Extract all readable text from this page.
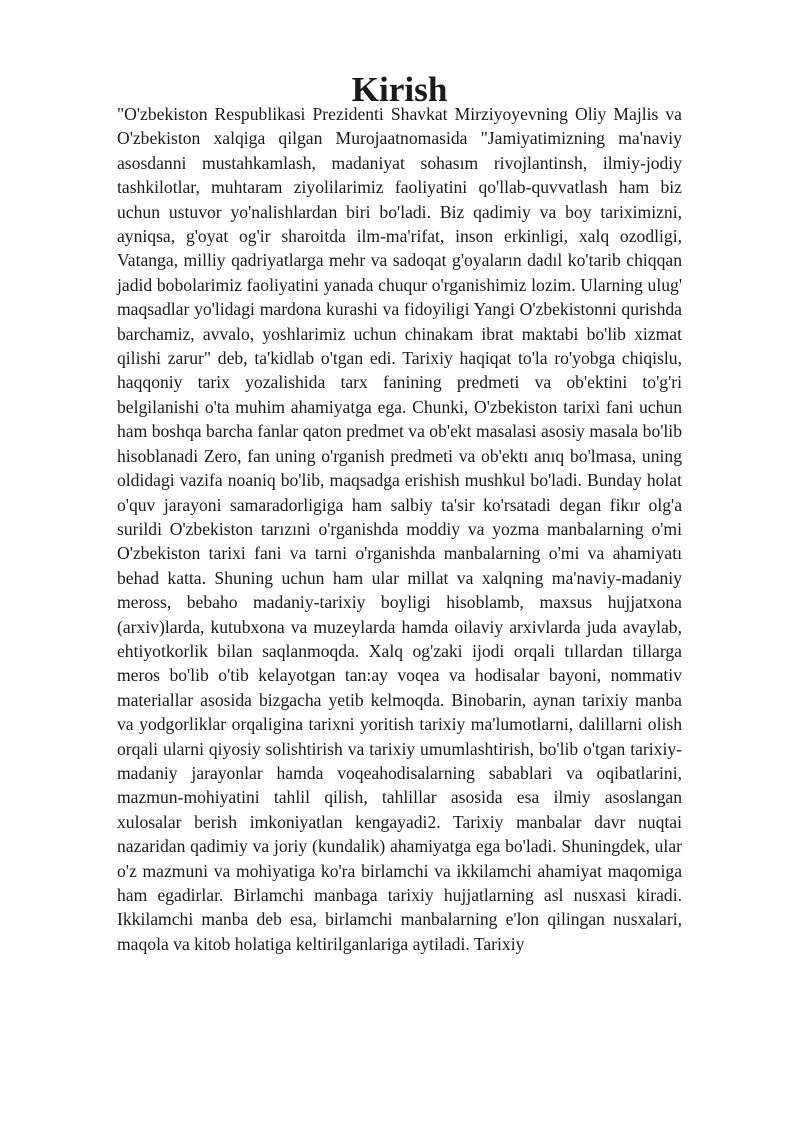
Kirish

"O'zbekiston Respublikasi Prezidenti Shavkat Mirziyoyevning Oliy Majlis va O'zbekiston xalqiga qilgan Murojaatnomasida "Jamiyatimizning ma'naviy asosdanni mustahkamlash, madaniyat sohasım rivojlantinsh, ilmiy-jodiy tashkilotlar, muhtaram ziyolilarimiz faoliyatini qo'llab-quvvatlash ham biz uchun ustuvor yo'nalishlardan biri bo'ladi. Biz qadimiy va boy tariximizni, ayniqsa, g'oyat og'ir sharoitda ilm-ma'rifat, inson erkinligi, xalq ozodligi, Vatanga, milliy qadriyatlarga mehr va sadoqat g'oyaların dadıl ko'tarib chiqqan jadid bobolarimiz faoliyatini yanada chuqur o'rganishimiz lozim. Ularning ulug' maqsadlar yo'lidagi mardona kurashi va fidoyiligi Yangi O'zbekistonni qurishda barchamiz, avvalo, yoshlarimiz uchun chinakam ibrat maktabi bo'lib xizmat qilishi zarur" deb, ta'kidlab o'tgan edi. Tarixiy haqiqat to'la ro'yobga chiqislu, haqqoniy tarix yozalishida tarx fanining predmeti va ob'ektini to'g'ri belgilanishi o'ta muhim ahamiyatga ega. Chunki, O'zbekiston tarixi fani uchun ham boshqa barcha fanlar qaton predmet va ob'ekt masalasi asosiy masala bo'lib hisoblanadi Zero, fan uning o'rganish predmeti va ob'ektı anıq bo'lmasa, uning oldidagi vazifa noaniq bo'lib, maqsadga erishish mushkul bo'ladi. Bunday holat o'quv jarayoni samaradorligiga ham salbiy ta'sir ko'rsatadi degan fikır olg'a surildi O'zbekiston tarızıni o'rganishda moddiy va yozma manbalarning o'mi O'zbekiston tarixi fani va tarni o'rganishda manbalarning o'mi va ahamiyatı behad katta. Shuning uchun ham ular millat va xalqning ma'naviy-madaniy meross, bebaho madaniy-tarixiy boyligi hisoblamb, maxsus hujjatxona (arxiv)larda, kutubxona va muzeylarda hamda oilaviy arxivlarda juda avaylab, ehtiyotkorlik bilan saqlanmoqda. Xalq og'zaki ijodi orqali tıllardan tillarga meros bo'lib o'tib kelayotgan tan:ay voqea va hodisalar bayoni, nommativ materiallar asosida bizgacha yetib kelmoqda. Binobarin, aynan tarixiy manba va yodgorliklar orqaligina tarixni yoritish tarixiy ma'lumotlarni, dalillarni olish orqali ularni qiyosiy solishtirish va tarixiy umumlashtirish, bo'lib o'tgan tarixiy-madaniy jarayonlar hamda voqeahodisalarning sabablari va oqibatlarini, mazmun-mohiyatini tahlil qilish, tahlillar asosida esa ilmiy asoslangan xulosalar berish imkoniyatlan kengayadi2. Tarixiy manbalar davr nuqtai nazaridan qadimiy va joriy (kundalik) ahamiyatga ega bo'ladi. Shuningdek, ular o'z mazmuni va mohiyatiga ko'ra birlamchi va ikkilamchi ahamiyat maqomiga ham egadirlar. Birlamchi manbaga tarixiy hujjatlarning asl nusxasi kiradi. Ikkilamchi manba deb esa, birlamchi manbalarning e'lon qilingan nusxalari, maqola va kitob holatiga keltirilganlariga aytiladi. Tarixiy
